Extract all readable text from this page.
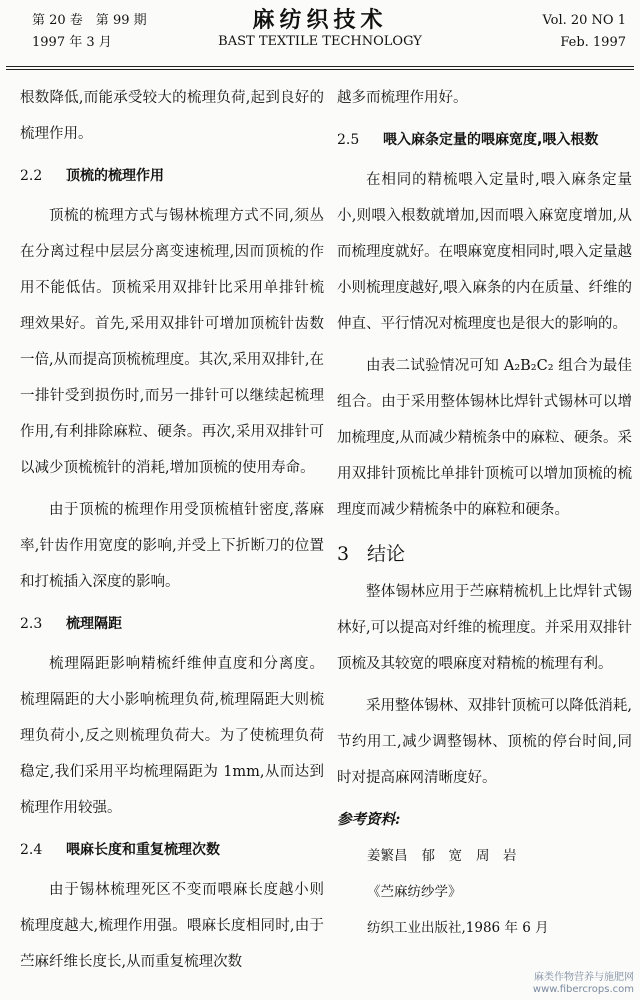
第 20 卷　第 99 期
1997 年 3 月
麻纺织技术
BAST TEXTILE TECHNOLOGY
Vol. 20 NO 1
Feb. 1997

根数降低,而能承受较大的梳理负荷,起到良好的梳理作用。

2.2 顶梳的梳理作用

顶梳的梳理方式与锡林梳理方式不同,须丛在分离过程中层层分离变速梳理,因而顶梳的作用不能低估。顶梳采用双排针比采用单排针梳理效果好。首先,采用双排针可增加顶梳针齿数一倍,从而提高顶梳梳理度。其次,采用双排针,在一排针受到损伤时,而另一排针可以继续起梳理作用,有利排除麻粒、硬条。再次,采用双排针可以减少顶梳梳针的消耗,增加顶梳的使用寿命。

由于顶梳的梳理作用受顶梳植针密度,落麻率,针齿作用宽度的影响,并受上下折断刀的位置和打梳插入深度的影响。

2.3 梳理隔距

梳理隔距影响精梳纤维伸直度和分离度。梳理隔距的大小影响梳理负荷,梳理隔距大则梳理负荷小,反之则梳理负荷大。为了使梳理负荷稳定,我们采用平均梳理隔距为 1mm,从而达到梳理作用较强。

2.4 喂麻长度和重复梳理次数

由于锡林梳理死区不变而喂麻长度越小则梳理度越大,梳理作用强。喂麻长度相同时,由于苎麻纤维长度长,从而重复梳理次数

越多而梳理作用好。

2.5 喂入麻条定量的喂麻宽度,喂入根数

在相同的精梳喂入定量时,喂入麻条定量小,则喂入根数就增加,因而喂入麻宽度增加,从而梳理度就好。在喂麻宽度相同时,喂入定量越小则梳理度越好,喂入麻条的内在质量、纤维的伸直、平行情况对梳理度也是很大的影响的。

由表二试验情况可知 A₂B₂C₂ 组合为最佳组合。由于采用整体锡林比焊针式锡林可以增加梳理度,从而减少精梳条中的麻粒、硬条。采用双排针顶梳比单排针顶梳可以增加顶梳的梳理度而减少精梳条中的麻粒和硬条。

3 结论

整体锡林应用于苎麻精梳机上比焊针式锡林好,可以提高对纤维的梳理度。并采用双排针顶梳及其较宽的喂麻度对精梳的梳理有利。

采用整体锡林、双排针顶梳可以降低消耗,节约用工,减少调整锡林、顶梳的停台时间,同时对提高麻网清晰度好。

参考资料:
姜繁昌 郁　宽 周　岩《苎麻纺纱学》
纺织工业出版社,1986 年 6 月
麻类作物营养与施肥网
www.fibercrops.com
